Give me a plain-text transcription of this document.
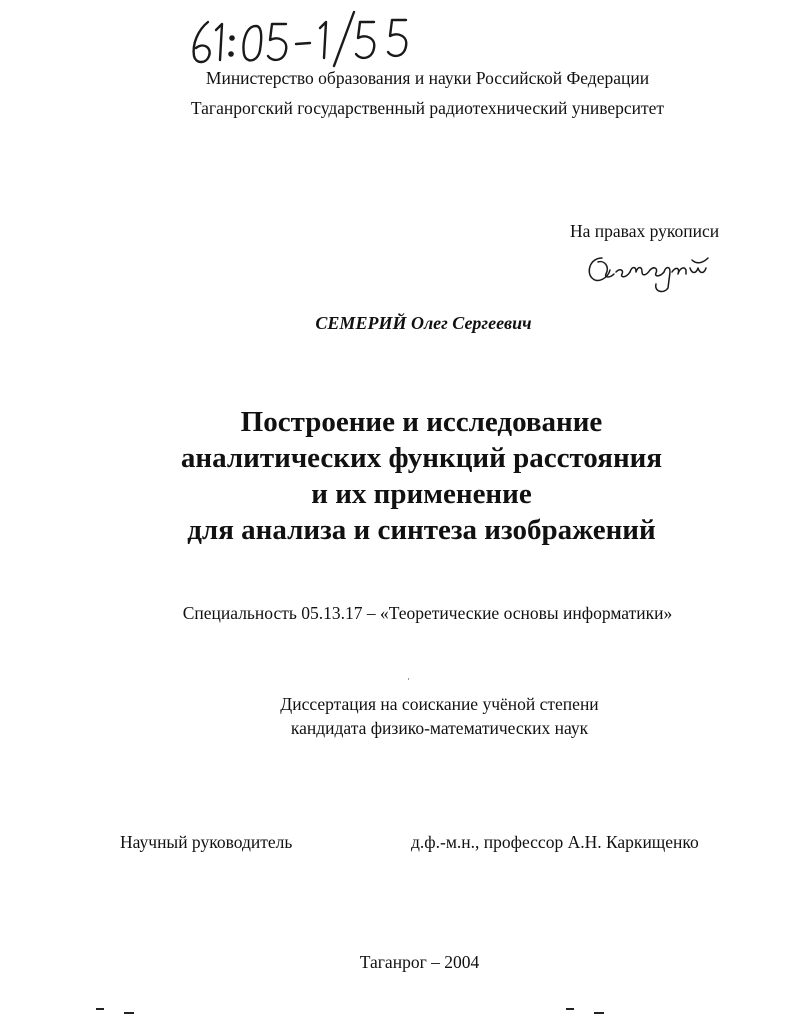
Министерство образования и науки Российской Федерации
Таганрогский государственный радиотехнический университет
На правах рукописи
СЕМЕРИЙ Олег Сергеевич
Построение и исследование
аналитических функций расстояния
и их применение
для анализа и синтеза изображений
Специальность 05.13.17 – «Теоретические основы информатики»
Диссертация на соискание учёной степени
кандидата физико-математических наук
Научный руководитель	д.ф.-м.н., профессор А.Н. Каркищенко
Таганрог – 2004
